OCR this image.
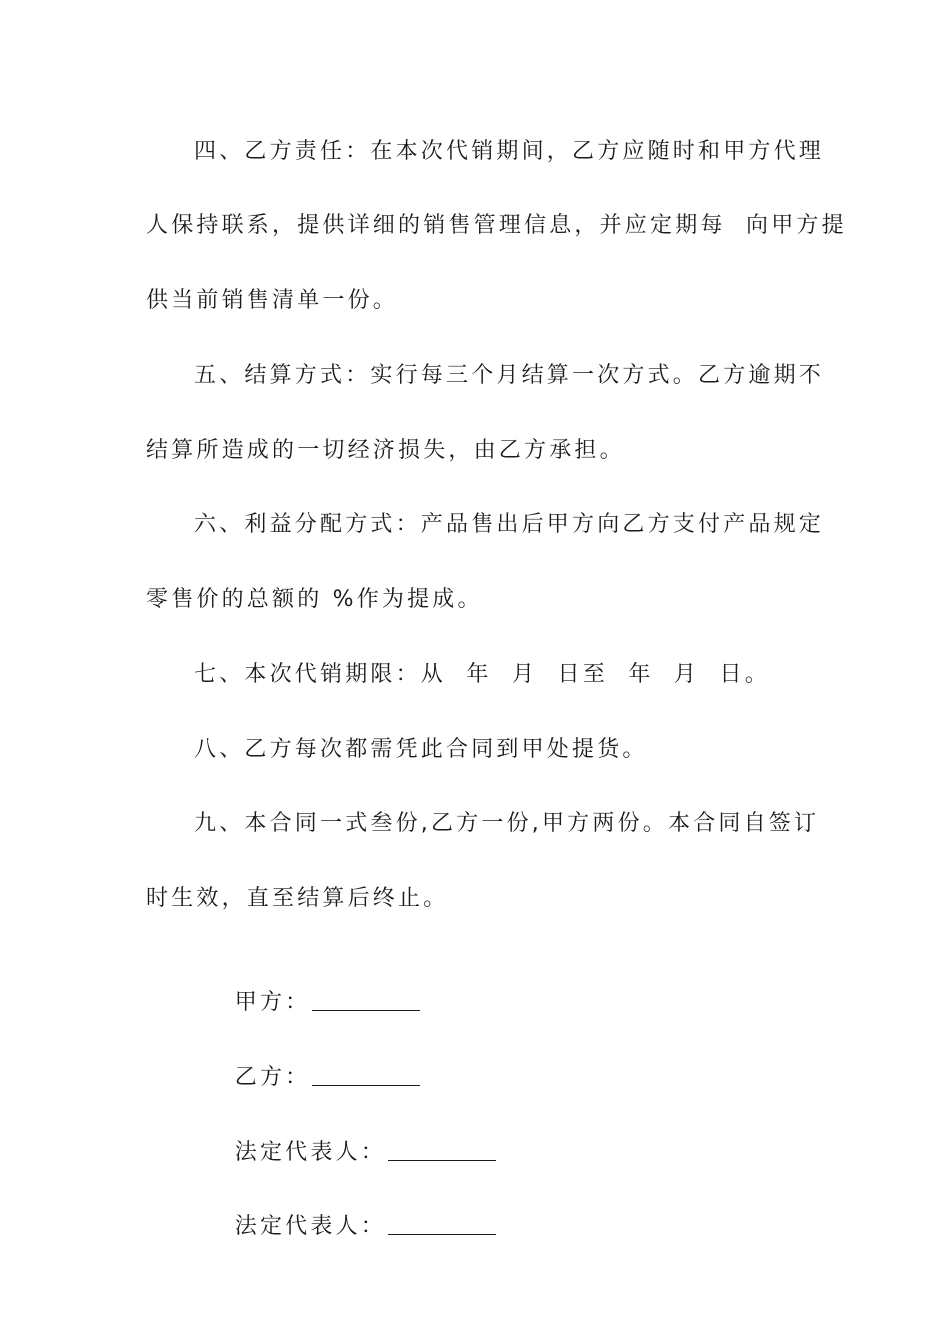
四、乙方责任：在本次代销期间，乙方应随时和甲方代理
人保持联系，提供详细的销售管理信息，并应定期每  向甲方提
供当前销售清单一份。
五、结算方式：实行每三个月结算一次方式。乙方逾期不
结算所造成的一切经济损失，由乙方承担。
六、利益分配方式：产品售出后甲方向乙方支付产品规定
零售价的总额的 %作为提成。
七、本次代销期限：从  年  月  日至  年  月  日。
八、乙方每次都需凭此合同到甲处提货。
九、本合同一式叁份,乙方一份,甲方两份。本合同自签订
时生效，直至结算后终止。

甲方：

乙方：

法定代表人：

法定代表人：
